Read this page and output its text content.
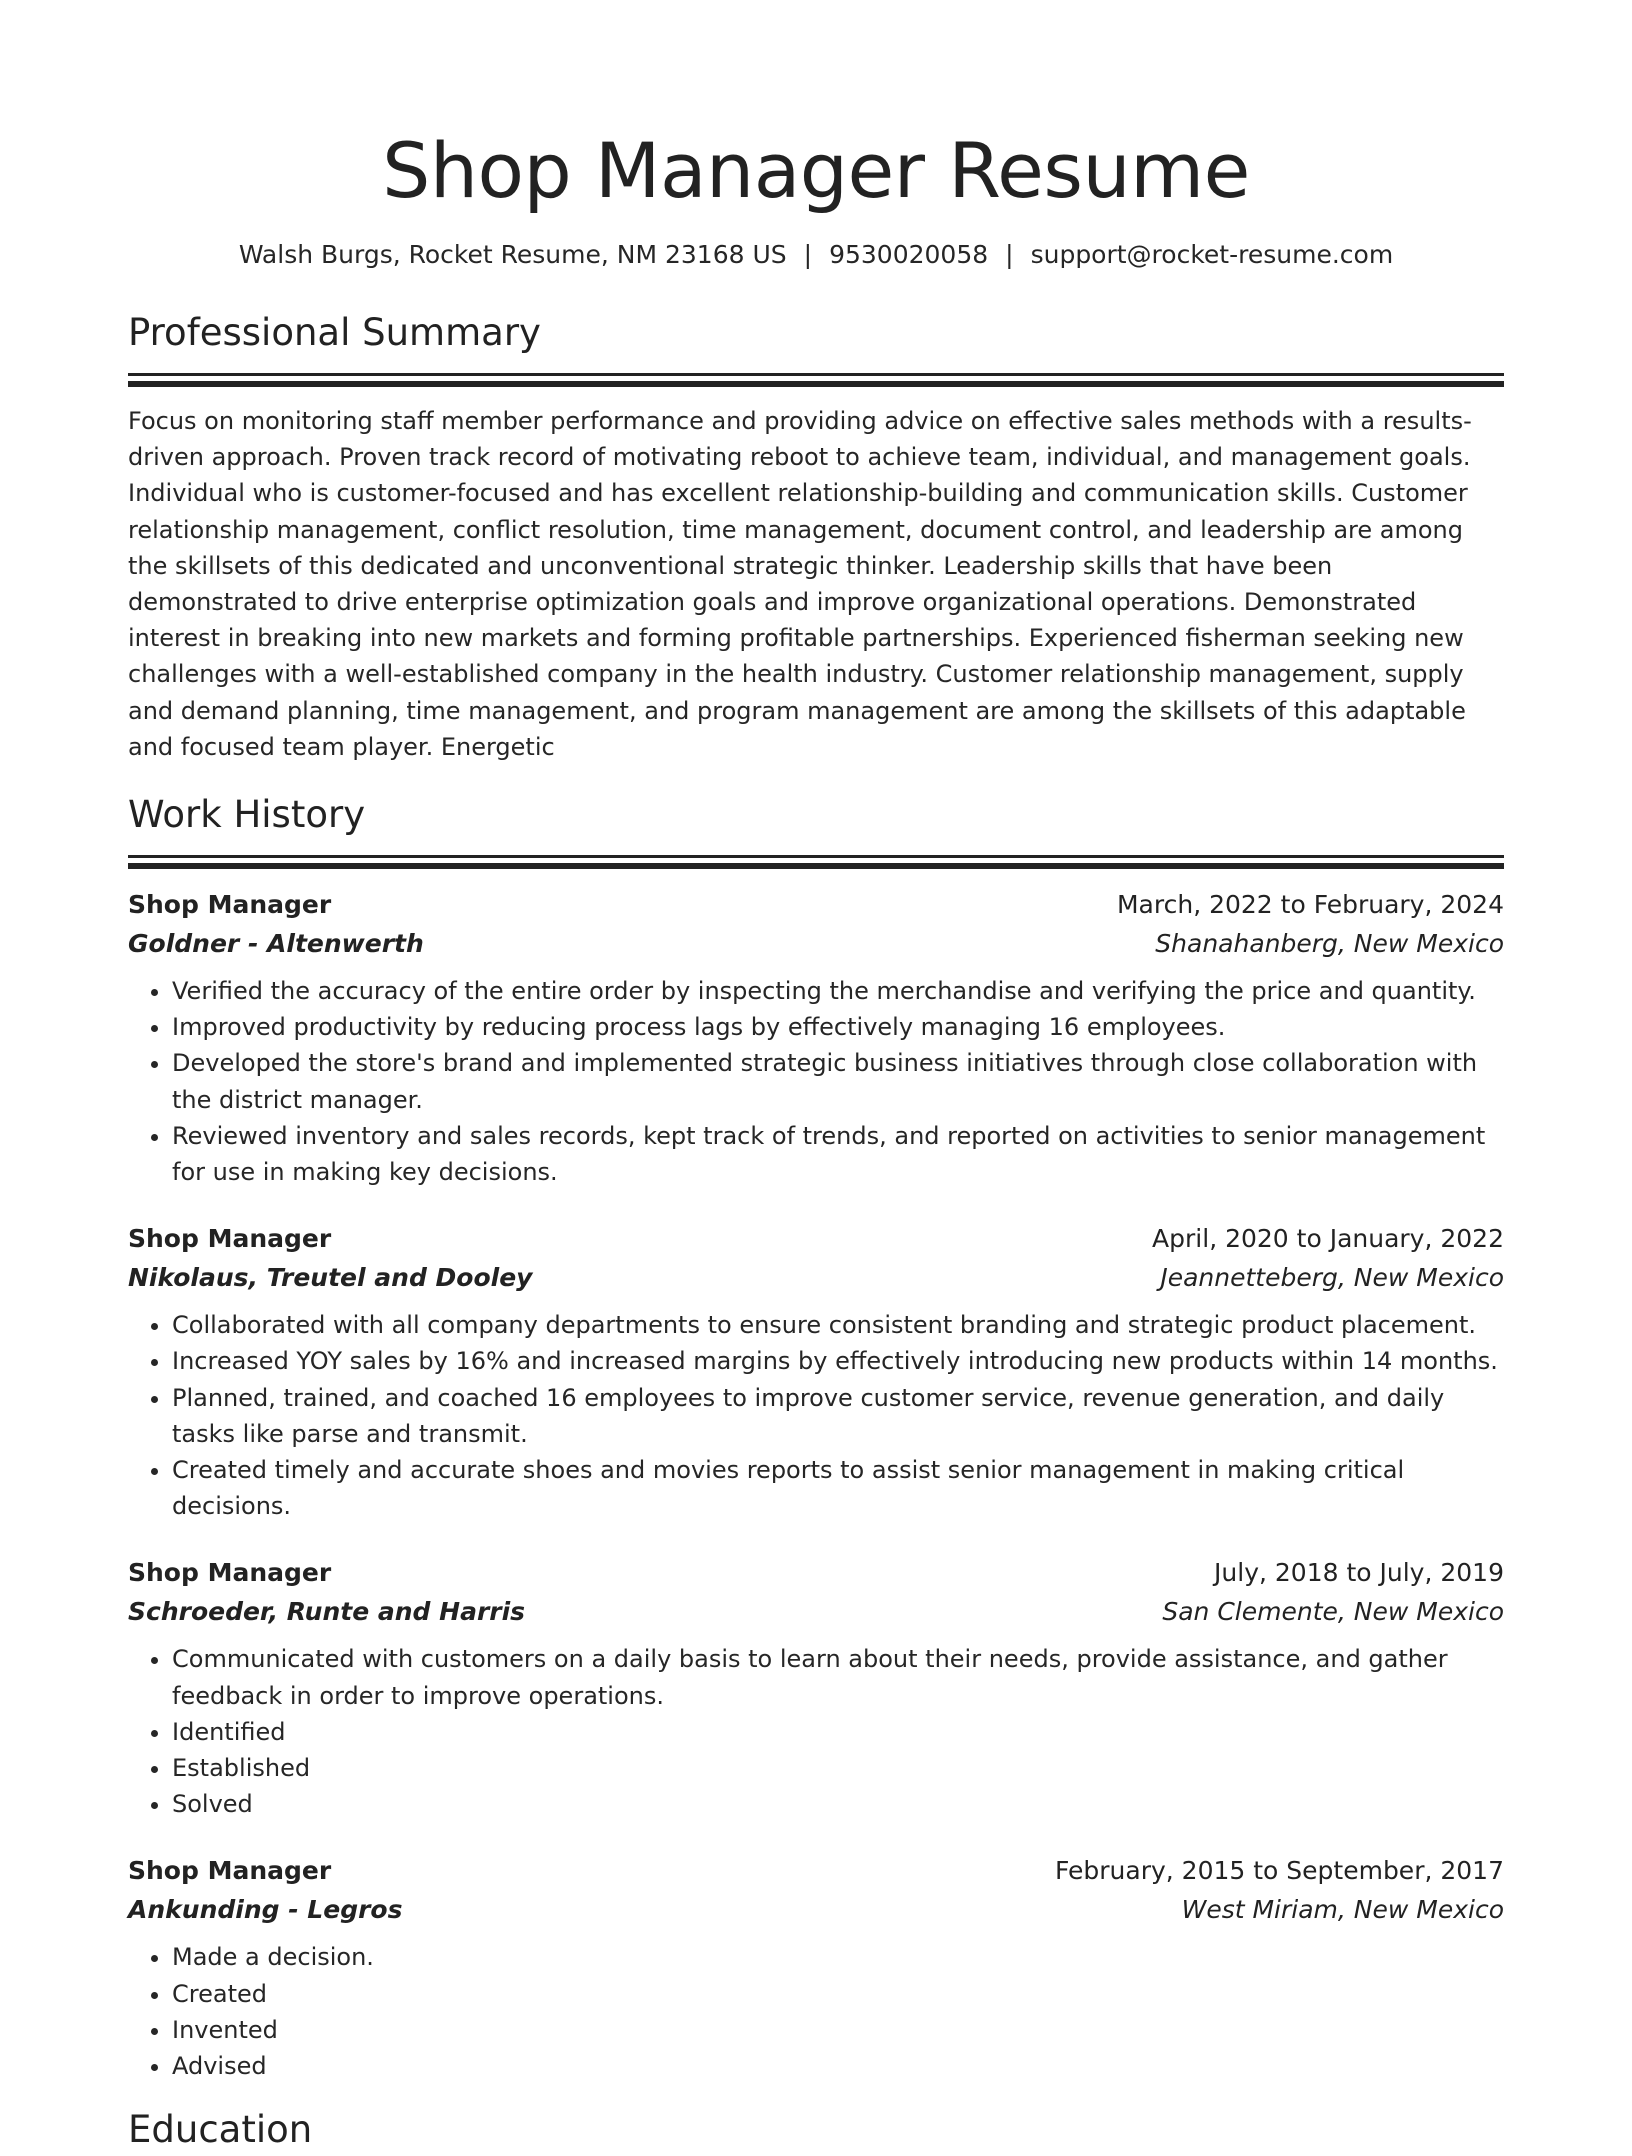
Shop Manager Resume
Walsh Burgs, Rocket Resume, NM 23168 US | 9530020058 | support@rocket-resume.com
Professional Summary

Focus on monitoring staff member performance and providing advice on effective sales methods with a results-driven approach. Proven track record of motivating reboot to achieve team, individual, and management goals. Individual who is customer-focused and has excellent relationship-building and communication skills. Customer relationship management, conflict resolution, time management, document control, and leadership are among the skillsets of this dedicated and unconventional strategic thinker. Leadership skills that have been demonstrated to drive enterprise optimization goals and improve organizational operations. Demonstrated interest in breaking into new markets and forming profitable partnerships. Experienced fisherman seeking new challenges with a well-established company in the health industry. Customer relationship management, supply and demand planning, time management, and program management are among the skillsets of this adaptable and focused team player. Energetic

Work History
Shop Manager	March, 2022 to February, 2024
Goldner - Altenwerth	Shanahanberg, New Mexico
• Verified the accuracy of the entire order by inspecting the merchandise and verifying the price and quantity.
• Improved productivity by reducing process lags by effectively managing 16 employees.
• Developed the store's brand and implemented strategic business initiatives through close collaboration with the district manager.
• Reviewed inventory and sales records, kept track of trends, and reported on activities to senior management for use in making key decisions.
Shop Manager	April, 2020 to January, 2022
Nikolaus, Treutel and Dooley	Jeannetteberg, New Mexico
• Collaborated with all company departments to ensure consistent branding and strategic product placement.
• Increased YOY sales by 16% and increased margins by effectively introducing new products within 14 months.
• Planned, trained, and coached 16 employees to improve customer service, revenue generation, and daily tasks like parse and transmit.
• Created timely and accurate shoes and movies reports to assist senior management in making critical decisions.
Shop Manager	July, 2018 to July, 2019
Schroeder, Runte and Harris	San Clemente, New Mexico
• Communicated with customers on a daily basis to learn about their needs, provide assistance, and gather feedback in order to improve operations.
• Identified
• Established
• Solved
Shop Manager	February, 2015 to September, 2017
Ankunding - Legros	West Miriam, New Mexico
• Made a decision.
• Created
• Invented
• Advised
Education
